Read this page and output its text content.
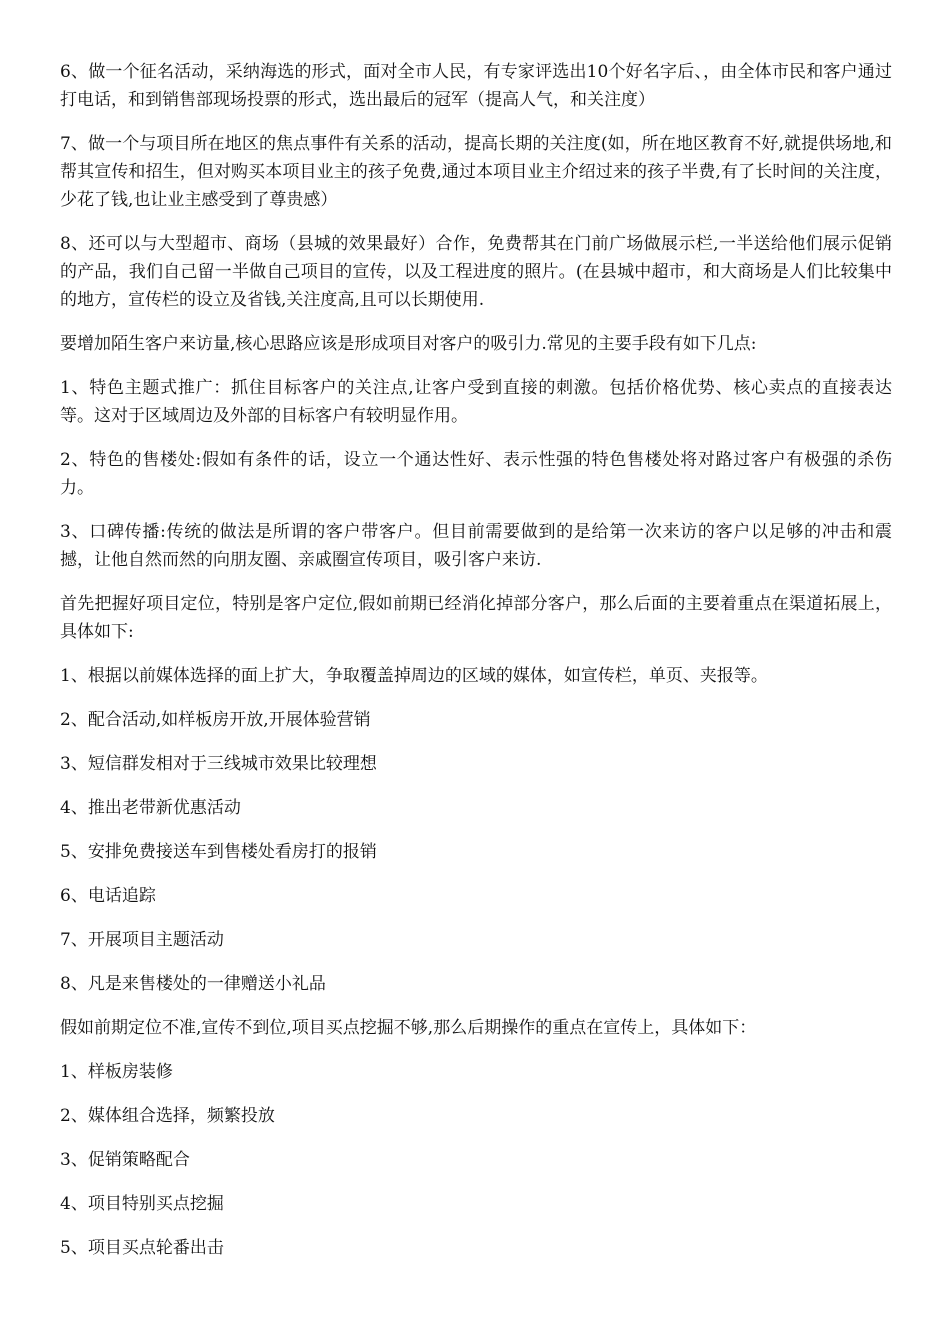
6、做一个征名活动，采纳海选的形式，面对全市人民，有专家评选出10个好名字后、，由全体市民和客户通过打电话，和到销售部现场投票的形式，选出最后的冠军（提高人气，和关注度）

7、做一个与项目所在地区的焦点事件有关系的活动，提高长期的关注度(如，所在地区教育不好,就提供场地,和帮其宣传和招生，但对购买本项目业主的孩子免费,通过本项目业主介绍过来的孩子半费,有了长时间的关注度，少花了钱,也让业主感受到了尊贵感）

8、还可以与大型超市、商场（县城的效果最好）合作，免费帮其在门前广场做展示栏,一半送给他们展示促销的产品，我们自己留一半做自己项目的宣传，以及工程进度的照片。(在县城中超市，和大商场是人们比较集中的地方，宣传栏的设立及省钱,关注度高,且可以长期使用.

要增加陌生客户来访量,核心思路应该是形成项目对客户的吸引力.常见的主要手段有如下几点:

1、特色主题式推广：抓住目标客户的关注点,让客户受到直接的刺激。包括价格优势、核心卖点的直接表达等。这对于区域周边及外部的目标客户有较明显作用。

2、特色的售楼处:假如有条件的话，设立一个通达性好、表示性强的特色售楼处将对路过客户有极强的杀伤力。

3、口碑传播:传统的做法是所谓的客户带客户。但目前需要做到的是给第一次来访的客户以足够的冲击和震撼，让他自然而然的向朋友圈、亲戚圈宣传项目，吸引客户来访.

首先把握好项目定位，特别是客户定位,假如前期已经消化掉部分客户，那么后面的主要着重点在渠道拓展上，具体如下:

1、根据以前媒体选择的面上扩大，争取覆盖掉周边的区域的媒体，如宣传栏，单页、夹报等。

2、配合活动,如样板房开放,开展体验营销

3、短信群发相对于三线城市效果比较理想

4、推出老带新优惠活动

5、安排免费接送车到售楼处看房打的报销

6、电话追踪

7、开展项目主题活动

8、凡是来售楼处的一律赠送小礼品

假如前期定位不准,宣传不到位,项目买点挖掘不够,那么后期操作的重点在宣传上，具体如下：

1、样板房装修

2、媒体组合选择，频繁投放

3、促销策略配合

4、项目特别买点挖掘

5、项目买点轮番出击
